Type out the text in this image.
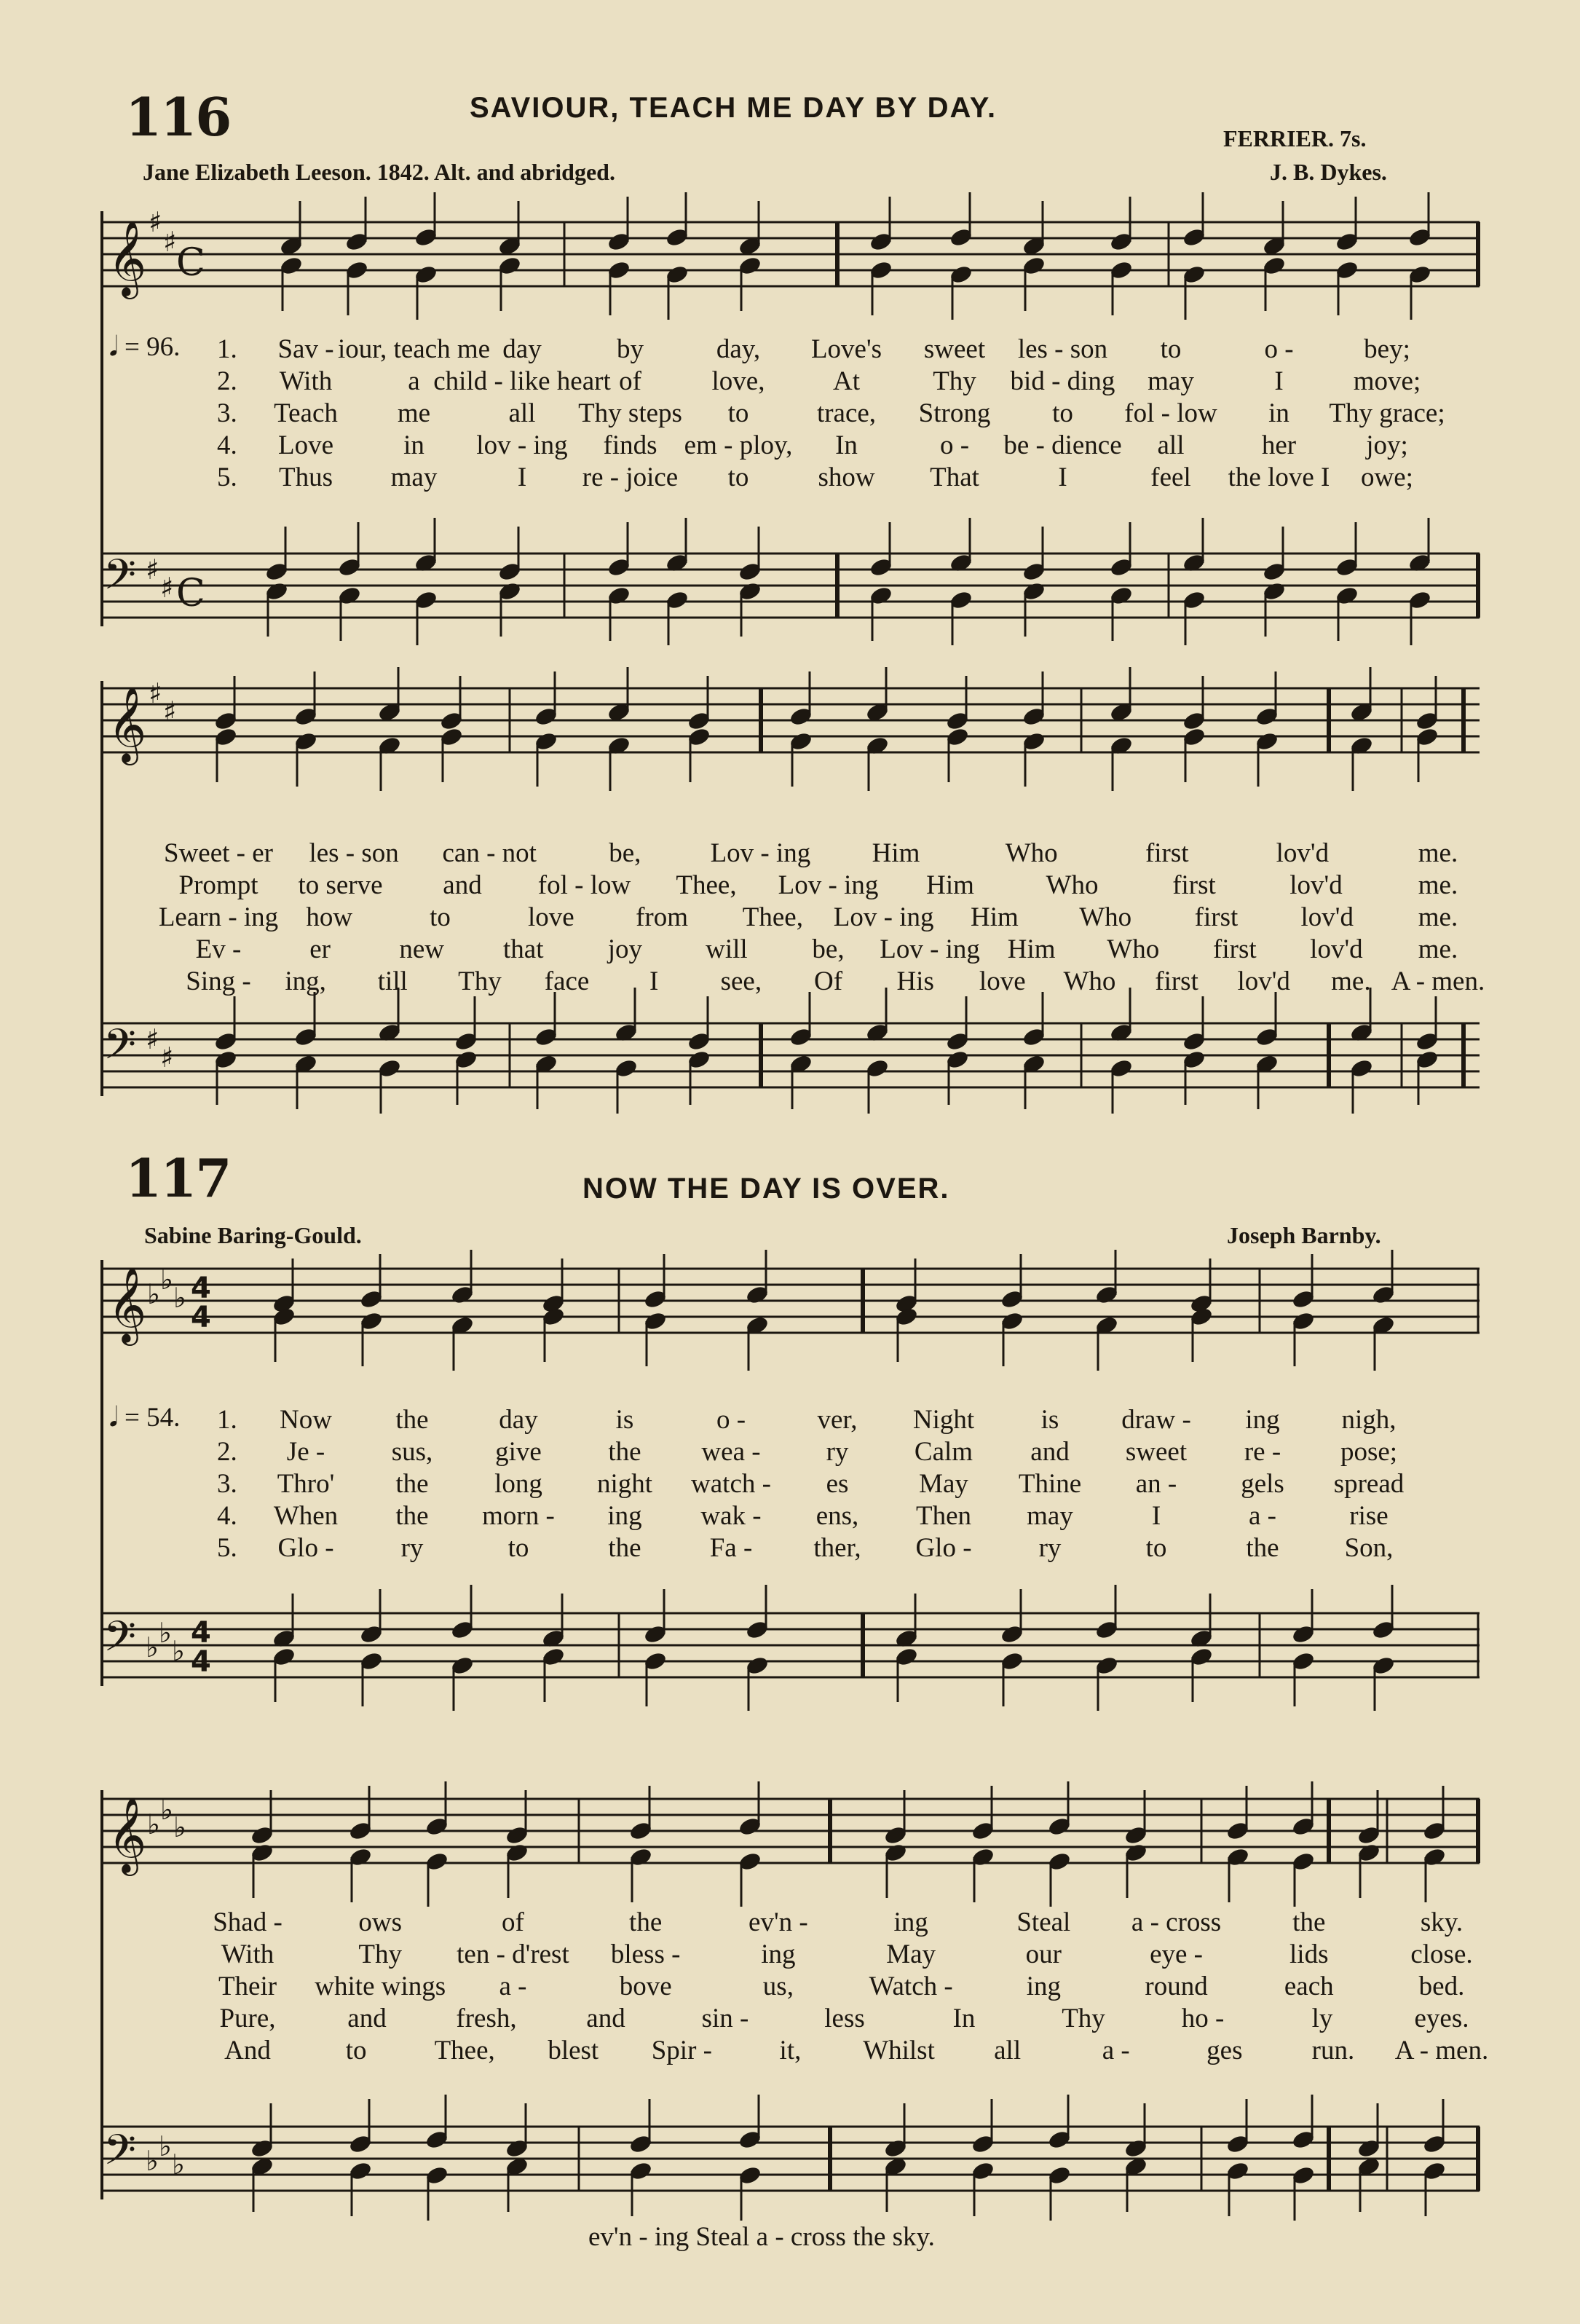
116	SAVIOUR, TEACH ME DAY BY DAY.
FERRIER. 7s.
Jane Elizabeth Leeson. 1842. Alt. and abridged.	J. B. Dykes.
𝄞
𝄞
𝄢
𝄢
♯
♯
♯
♯
♯
♯
♯
♯
C
C
𝄞
𝄞
𝄢
𝄢
♭ ♭
♭
♭ ♭
♭
♭ ♭
♭
♭ ♭
♭
4
4
4
4
𝅘𝅥 = 96. 1. Sav - iour, teach me day	by	day, Love's sweet les - son to	o -	bey;
2. With	a child - like heart of	love,	At	Thy bid - ding may	I	move;
3. Teach me	all Thy steps to	trace, Strong to fol - low in Thy grace;
4. Love	in lov - ing finds em - ploy, In	o - be - dience all	her	joy;
5. Thus may	I re - joice to	show That	I	feel the love I owe;
Sweet - er les - son can - not	be,	Lov - ing Him	Who	first	lov'd	me.
Prompt to serve and fol - low Thee, Lov - ing Him	Who	first	lov'd	me.
Learn - ing how	to	love from Thee, Lov - ing Him Who first lov'd me.
Ev -	er	new that joy will be, Lov - ing Him Who first lov'd me.
Sing - ing, till Thy face I see, Of His love Who first lov'd me. A - men.
117	NOW THE DAY IS OVER.
Sabine Baring-Gould.	Joseph Barnby.
𝅘𝅥 = 54. 1. Now the	day	is	o -	ver, Night is draw - ing nigh,
2. Je - sus, give the wea - ry Calm and sweet re - pose;
3. Thro' the long night watch - es	May Thine an - gels spread
4. When the morn - ing wak - ens, Then may	I	a -	rise
5. Glo - ry	to	the	Fa - ther, Glo - ry	to	the Son,
Shad -	ows	of	the	ev'n -	ing	Steal a - cross	the	sky.
With	Thy ten - d'rest bless -	ing	May	our	eye -	lids	close.
Their white wings a -	bove	us,	Watch -	ing	round	each	bed.
Pure,	and	fresh,	and	sin -	less	In	Thy	ho -	ly	eyes.
And	to	Thee, blest Spir -	it, Whilst all	a -	ges	run. A - men.
ev'n - ing Steal a - cross the sky.
